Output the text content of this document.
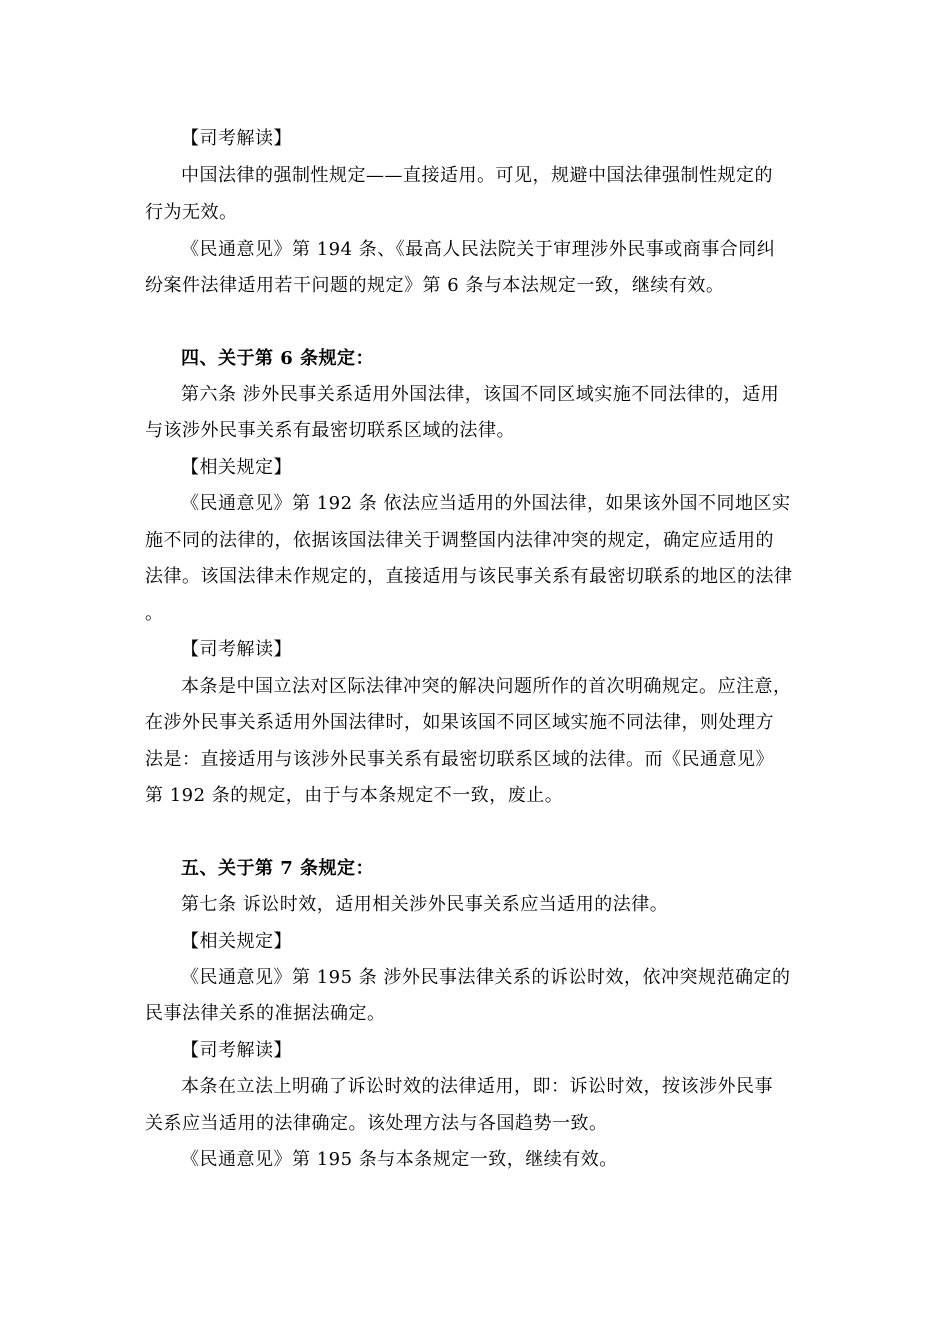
【司考解读】
中国法律的强制性规定——直接适用。可见，规避中国法律强制性规定的
行为无效。
《民通意见》第 194 条、《最高人民法院关于审理涉外民事或商事合同纠
纷案件法律适用若干问题的规定》第 6 条与本法规定一致，继续有效。
四、关于第 6 条规定：
第六条 涉外民事关系适用外国法律，该国不同区域实施不同法律的，适用
与该涉外民事关系有最密切联系区域的法律。
【相关规定】
《民通意见》第 192 条 依法应当适用的外国法律，如果该外国不同地区实
施不同的法律的，依据该国法律关于调整国内法律冲突的规定，确定应适用的
法律。该国法律未作规定的，直接适用与该民事关系有最密切联系的地区的法律
。
【司考解读】
本条是中国立法对区际法律冲突的解决问题所作的首次明确规定。应注意，
在涉外民事关系适用外国法律时，如果该国不同区域实施不同法律，则处理方
法是：直接适用与该涉外民事关系有最密切联系区域的法律。而《民通意见》
第 192 条的规定，由于与本条规定不一致，废止。
五、关于第 7 条规定：
第七条 诉讼时效，适用相关涉外民事关系应当适用的法律。
【相关规定】
《民通意见》第 195 条 涉外民事法律关系的诉讼时效，依冲突规范确定的
民事法律关系的准据法确定。
【司考解读】
本条在立法上明确了诉讼时效的法律适用，即：诉讼时效，按该涉外民事
关系应当适用的法律确定。该处理方法与各国趋势一致。
《民通意见》第 195 条与本条规定一致，继续有效。
